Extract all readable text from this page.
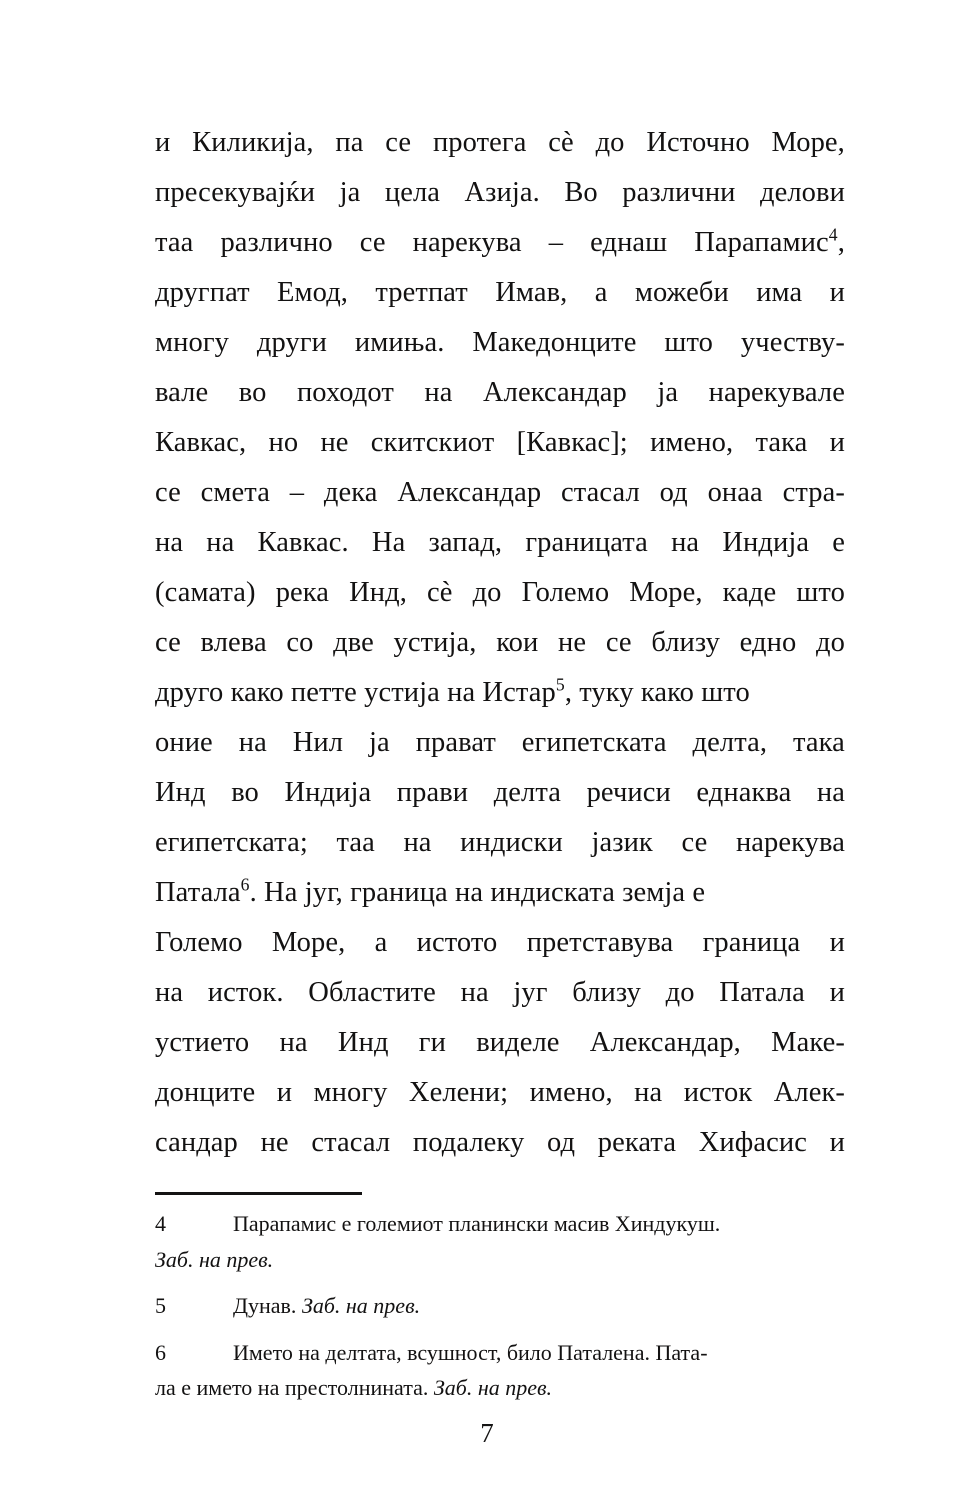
и Киликија, па се протега сѐ до Источно Море,
пресекувајќи ја цела Азија. Во различни делови
таа различно се нарекува – еднаш Парапамис$^4$,
другпат Емод, третпат Имав, а можеби има и
многу други имиња. Македонците што учеству-
вале во походот на Александар ја нарекувале
Кавкас, но не скитскиот [Кавкас]; имено, така и
се смета – дека Александар стасал од онаа стра-
на на Кавкас. На запад, границата на Индија е
(самата) река Инд, сѐ до Големо Море, каде што
се влева со две устија, кои не се близу едно до
друго како петте устија на Истар$^5$, туку како што
оние на Нил ја прават египетската делта, така
Инд во Индија прави делта речиси еднаква на
египетската; таа на индиски јазик се нарекува
Патала$^6$. На југ, граница на индиската земја е
Големо Море, а истото претставува граница и
на исток. Областите на југ близу до Патала и
устието на Инд ги виделе Александар, Маке-
донците и многу Хелени; имено, на исток Алек-
сандар не стасал подалеку од реката Хифасис и
4	Парапамис е големиот планински масив Хиндукуш.
Заб. на прев.
5	Дунав. Заб. на прев.
6	Името на делтата, всушност, било Паталена. Пата-
ла е името на престолнината. Заб. на прев.
7
